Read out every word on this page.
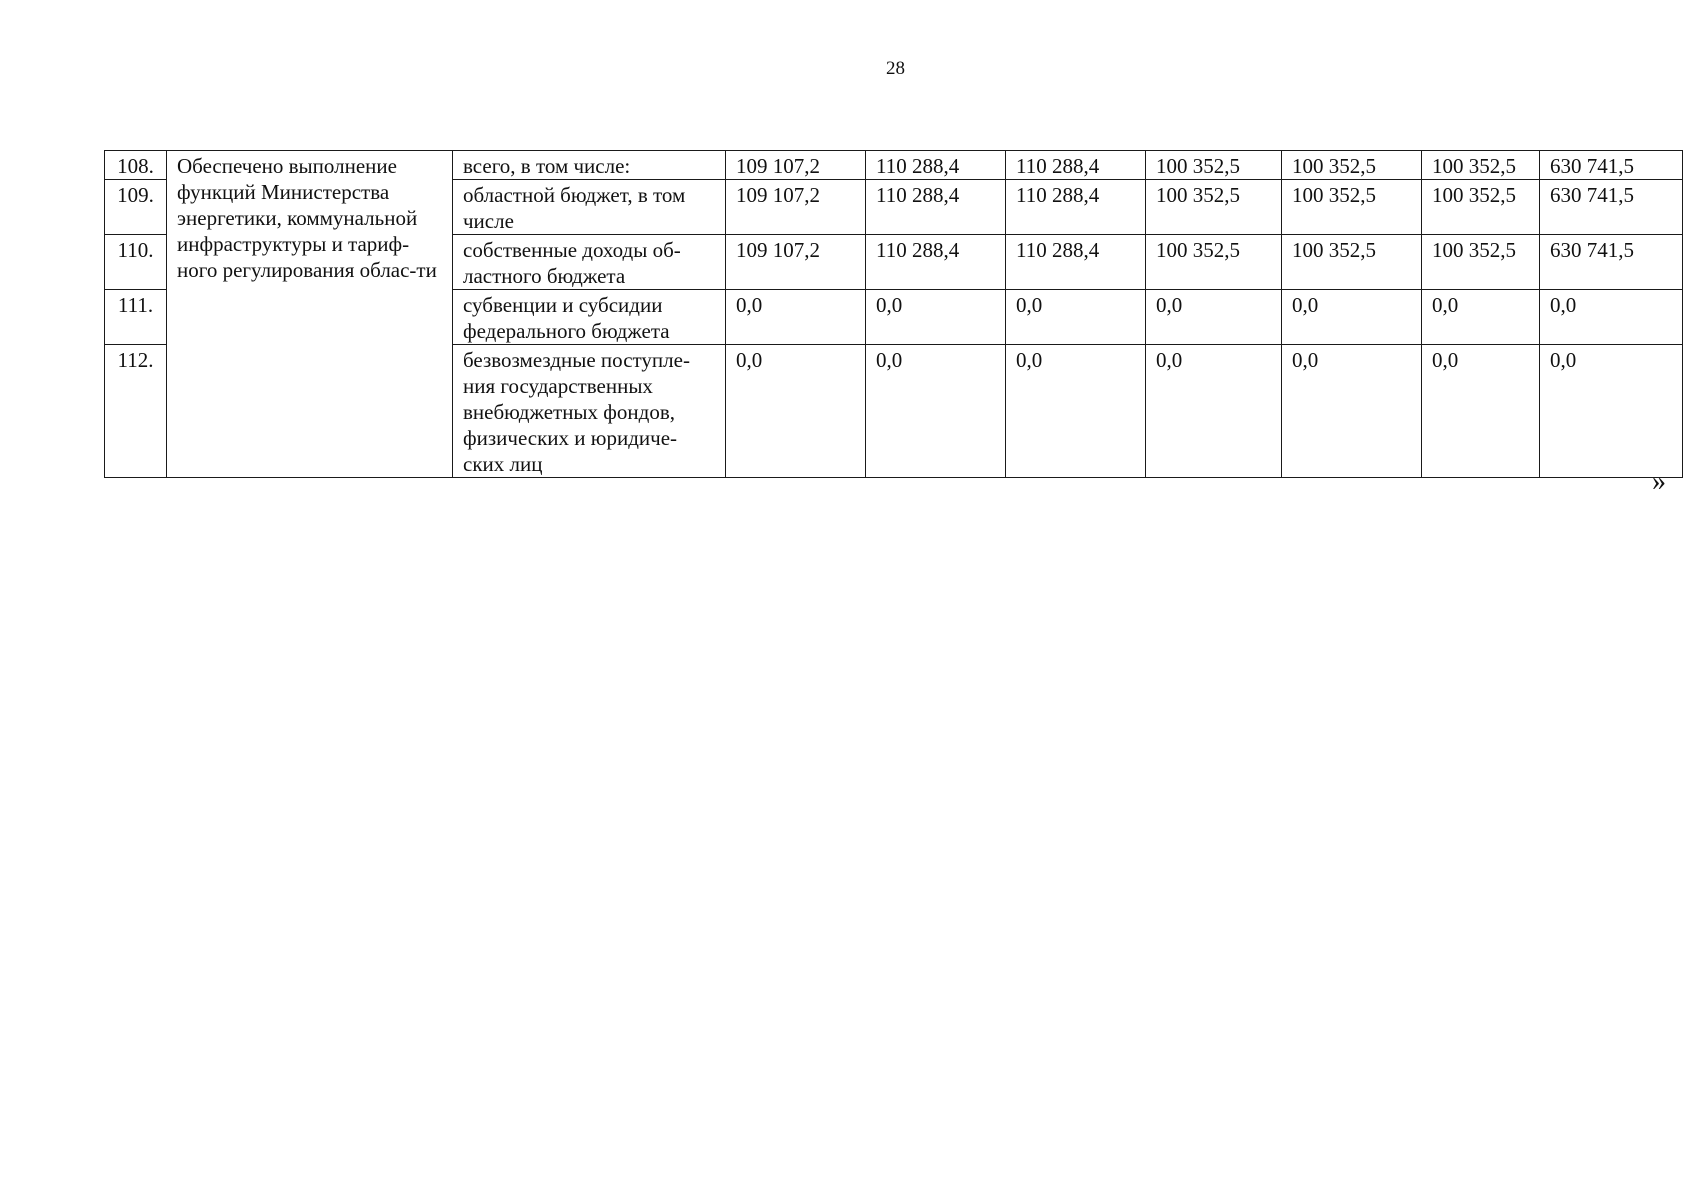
28
108.	Обеспечено выполнение функций Министерства энергетики, коммунальной инфраструктуры и тариф-ного регулирования облас-ти	всего, в том числе:	109 107,2	110 288,4	110 288,4	100 352,5	100 352,5	100 352,5	630 741,5
109.		областной бюджет, в том числе	109 107,2	110 288,4	110 288,4	100 352,5	100 352,5	100 352,5	630 741,5
110.		собственные доходы об-ластного бюджета	109 107,2	110 288,4	110 288,4	100 352,5	100 352,5	100 352,5	630 741,5
111.		субвенции и субсидии федерального бюджета	0,0	0,0	0,0	0,0	0,0	0,0	0,0
112.		безвозмездные поступле-ния государственных внебюджетных фондов, физических и юридиче-ских лиц	0,0	0,0	0,0	0,0	0,0	0,0	0,0
»
